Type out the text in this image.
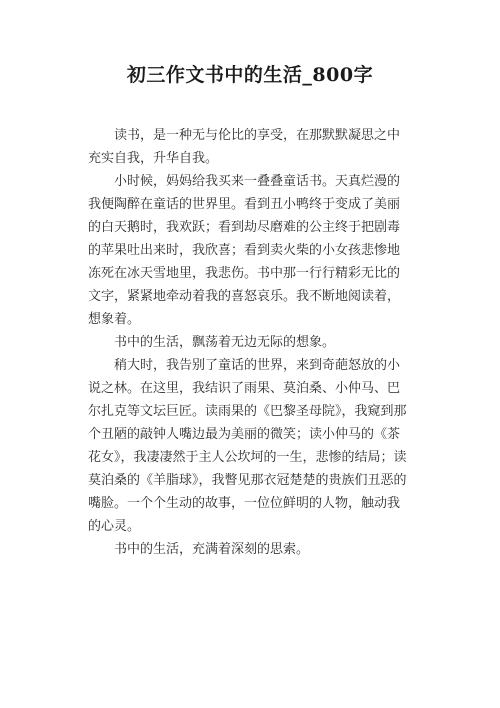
初三作文书中的生活_800字

读书，是一种无与伦比的享受，在那默默凝思之中充实自我，升华自我。

小时候，妈妈给我买来一叠叠童话书。天真烂漫的我便陶醉在童话的世界里。看到丑小鸭终于变成了美丽的白天鹅时，我欢跃；看到劫尽磨难的公主终于把剧毒的苹果吐出来时，我欣喜；看到卖火柴的小女孩悲惨地冻死在冰天雪地里，我悲伤。书中那一行行精彩无比的文字，紧紧地牵动着我的喜怒哀乐。我不断地阅读着，想象着。

书中的生活，飘荡着无边无际的想象。

稍大时，我告别了童话的世界，来到奇葩怒放的小说之林。在这里，我结识了雨果、莫泊桑、小仲马、巴尔扎克等文坛巨匠。读雨果的《巴黎圣母院》，我窥到那个丑陋的敲钟人嘴边最为美丽的微笑；读小仲马的《茶花女》，我凄凄然于主人公坎坷的一生，悲惨的结局；读莫泊桑的《羊脂球》，我瞥见那衣冠楚楚的贵族们丑恶的嘴脸。一个个生动的故事，一位位鲜明的人物，触动我的心灵。

书中的生活，充满着深刻的思索。
